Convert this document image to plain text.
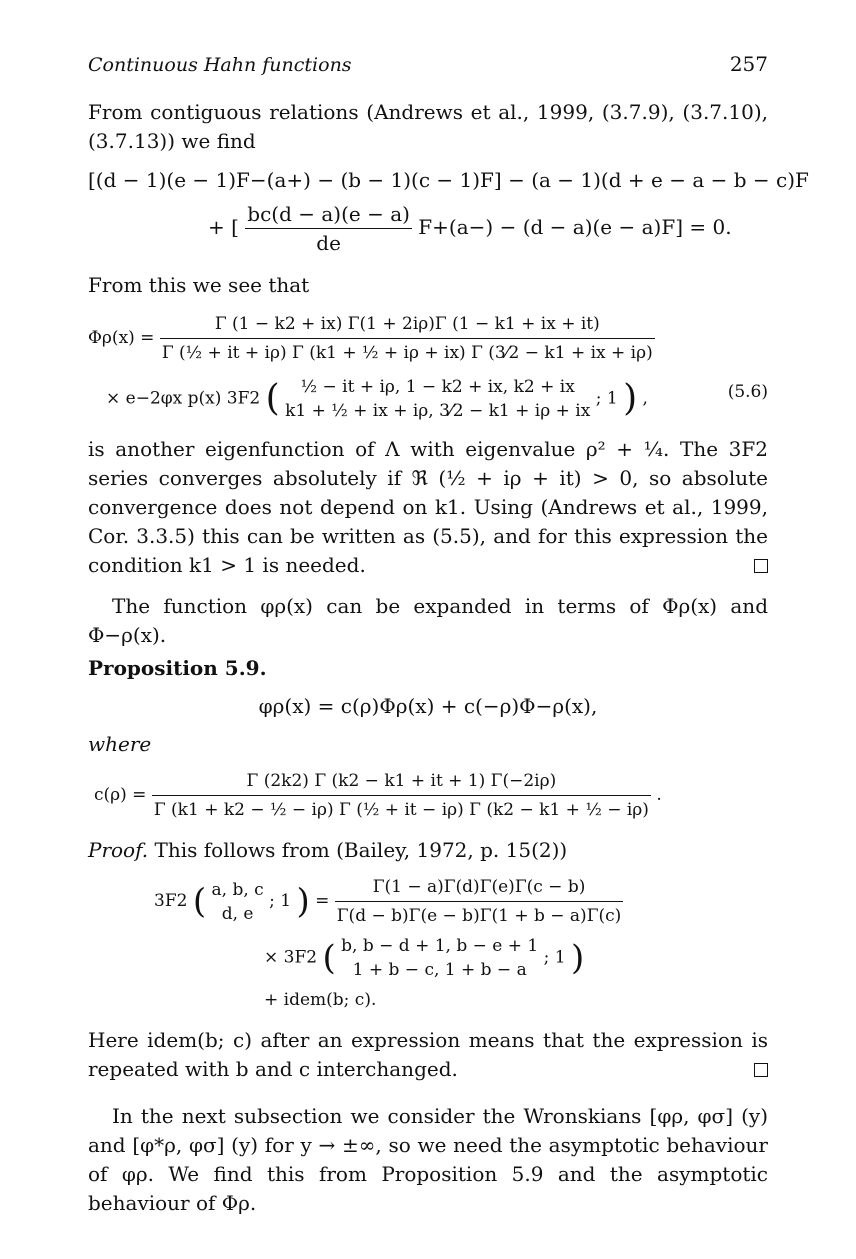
Continuous Hahn functions	257

From contiguous relations (Andrews et al., 1999, (3.7.9), (3.7.10), (3.7.13)) we find

[(d − 1)(e − 1)F−(a+) − (b − 1)(c − 1)F] − (a − 1)(d + e − a − b − c)F
+ [ $\frac{bc(d - a)(e - a)}{de} F+(a-) - (d - a)(e - a)F] = 0$.

From this we see that

$\Phi\rho(x) = \frac{\Gamma (1 - k2 + ix) \Gamma(1 + 2i\rho)\Gamma (1 - k1 + ix + it)}{\text{Γ (½ + it + iρ) Γ (k1 + ½ + iρ + ix) Γ (3⁄2 − k1 + ix + iρ)}}$
× e−2φx p(x) 3F2 (	½ − it + iρ, 1 − k2 + ix, k2 + ix
k1 + ½ + ix + iρ, 3⁄2 − k1 + iρ + ix
; 1 ) ,	(5.6)

is another eigenfunction of Λ with eigenvalue ρ² + ¼. The 3F2 series converges absolutely if ℜ (½ + iρ + it) > 0, so absolute convergence does not depend on k1. Using (Andrews et al., 1999, Cor. 3.3.5) this can be written as (5.5), and for this expression the condition k1 > 1 is needed.

The function φρ(x) can be expanded in terms of Φρ(x) and Φ−ρ(x).

Proposition 5.9.
φρ(x) = c(ρ)Φρ(x) + c(−ρ)Φ−ρ(x),

where

$c(\rho) = \frac{\Gamma (2k2) \Gamma (k2 - k1 + it + 1) \Gamma(-2i\rho)}{\text{Γ (k1 + k2 − ½ − iρ) Γ (½ + it − iρ) Γ (k2 − k1 + ½ − iρ)}}$ .

Proof. This follows from (Bailey, 1972, p. 15(2))

3F2 ( a, b, c
d, e
; 1 ) = $\frac{\Gamma(1 - a)\Gamma(d)\Gamma(e)\Gamma(c - b)}{\Gamma(d - b)\Gamma(e - b)\Gamma(1 + b - a)\Gamma(c)}$
× 3F2 ( b, b − d + 1, b − e + 1
1 + b − c, 1 + b − a
; 1 )
+ idem(b; c).

Here idem(b; c) after an expression means that the expression is repeated with b and c interchanged.

In the next subsection we consider the Wronskians [φρ, φσ] (y) and [φ*ρ, φσ] (y) for y → ±∞, so we need the asymptotic behaviour of φρ. We find this from Proposition 5.9 and the asymptotic behaviour of Φρ.
